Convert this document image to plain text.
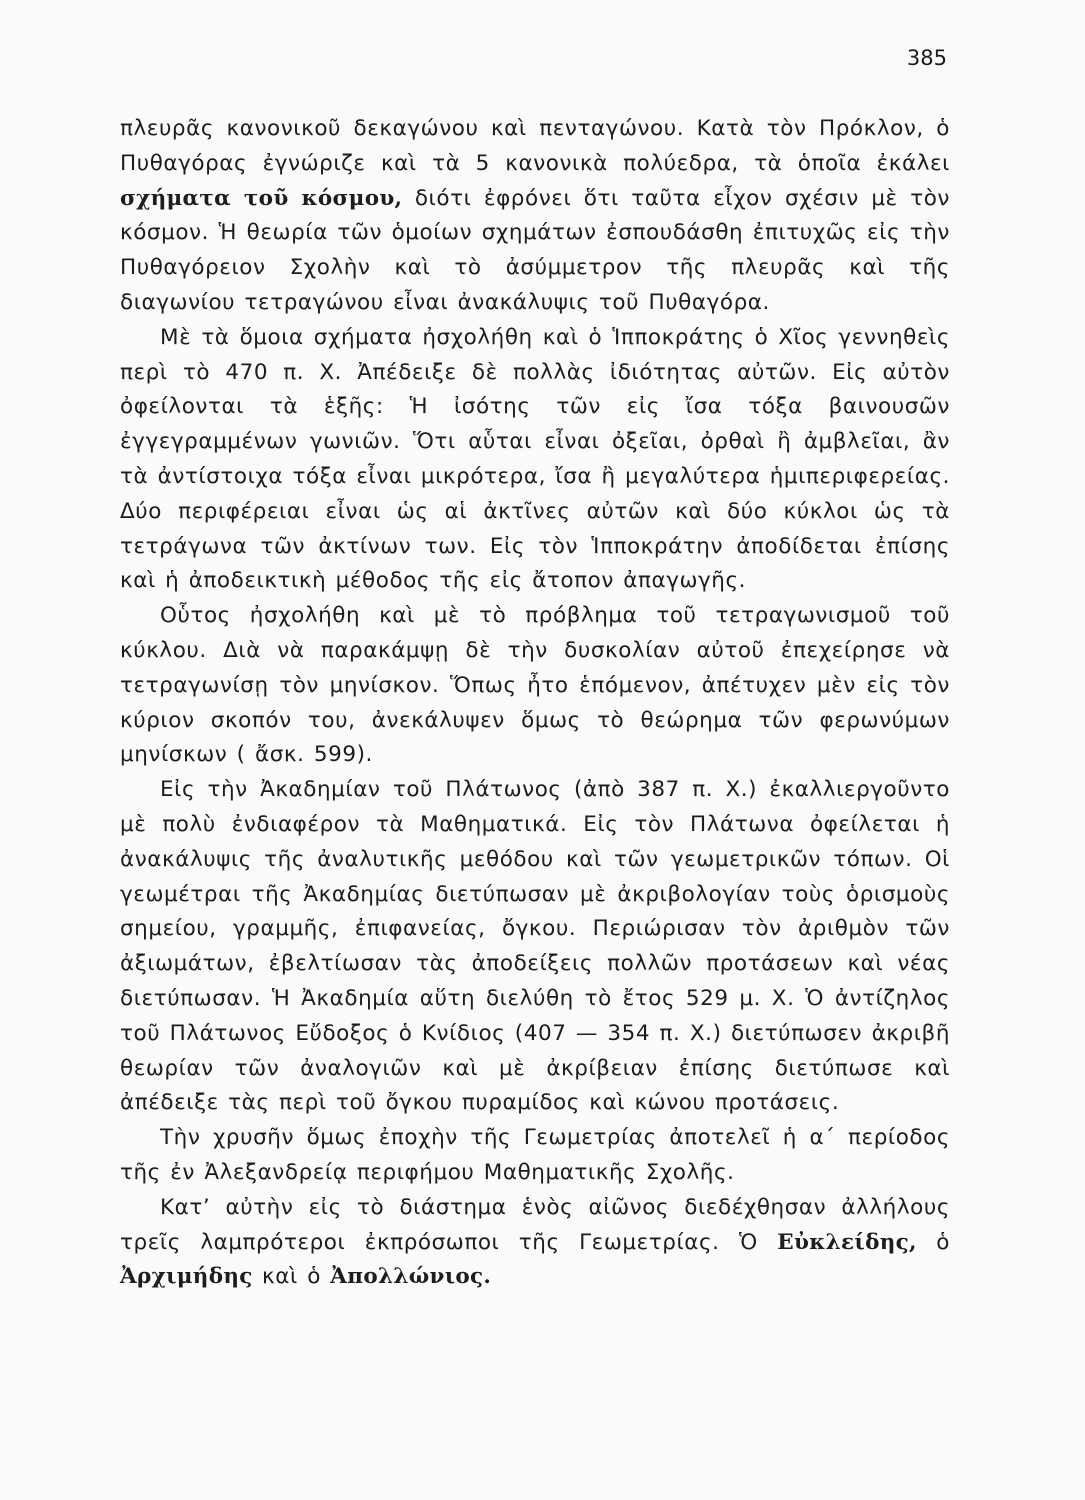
385

πλευρᾶς κανονικοῦ δεκαγώνου καὶ πενταγώνου. Κατὰ τὸν Πρόκλον, ὁ Πυθαγόρας ἐγνώριζε καὶ τὰ 5 κανονικὰ πολύεδρα, τὰ ὁποῖα ἐκάλει σχήματα τοῦ κόσμου, διότι ἐφρόνει ὅτι ταῦτα εἶχον σχέσιν μὲ τὸν κόσμον. Ἡ θεωρία τῶν ὁμοίων σχημάτων ἐσπουδάσθη ἐπιτυχῶς εἰς τὴν Πυθαγόρειον Σχολὴν καὶ τὸ ἀσύμμετρον τῆς πλευρᾶς καὶ τῆς διαγωνίου τετραγώνου εἶναι ἀνακάλυψις τοῦ Πυθαγόρα.

Μὲ τὰ ὅμοια σχήματα ἠσχολήθη καὶ ὁ Ἱπποκράτης ὁ Χῖος γεννηθεὶς περὶ τὸ 470 π. Χ. Ἀπέδειξε δὲ πολλὰς ἰδιότητας αὐτῶν. Εἰς αὐτὸν ὀφείλονται τὰ ἑξῆς: Ἡ ἰσότης τῶν εἰς ἴσα τόξα βαινουσῶν ἐγγεγραμμένων γωνιῶν. Ὅτι αὗται εἶναι ὀξεῖαι, ὀρθαὶ ἢ ἀμβλεῖαι, ἂν τὰ ἀντίστοιχα τόξα εἶναι μικρότερα, ἴσα ἢ μεγαλύτερα ἡμιπεριφερείας. Δύο περιφέρειαι εἶναι ὡς αἱ ἀκτῖνες αὐτῶν καὶ δύο κύκλοι ὡς τὰ τετράγωνα τῶν ἀκτίνων των. Εἰς τὸν Ἱπποκράτην ἀποδίδεται ἐπίσης καὶ ἡ ἀποδεικτικὴ μέθοδος τῆς εἰς ἄτοπον ἀπαγωγῆς.

Οὗτος ἠσχολήθη καὶ μὲ τὸ πρόβλημα τοῦ τετραγωνισμοῦ τοῦ κύκλου. Διὰ νὰ παρακάμψῃ δὲ τὴν δυσκολίαν αὐτοῦ ἐπεχείρησε νὰ τετραγωνίσῃ τὸν μηνίσκον. Ὅπως ἦτο ἑπόμενον, ἀπέτυχεν μὲν εἰς τὸν κύριον σκοπόν του, ἀνεκάλυψεν ὅμως τὸ θεώρημα τῶν φερωνύμων μηνίσκων ( ἄσκ. 599).

Εἰς τὴν Ἀκαδημίαν τοῦ Πλάτωνος (ἀπὸ 387 π. Χ.) ἐκαλλιεργοῦντο μὲ πολὺ ἐνδιαφέρον τὰ Μαθηματικά. Εἰς τὸν Πλάτωνα ὀφείλεται ἡ ἀνακάλυψις τῆς ἀναλυτικῆς μεθόδου καὶ τῶν γεωμετρικῶν τόπων. Οἱ γεωμέτραι τῆς Ἀκαδημίας διετύπωσαν μὲ ἀκριβολογίαν τοὺς ὁρισμοὺς σημείου, γραμμῆς, ἐπιφανείας, ὄγκου. Περιώρισαν τὸν ἀριθμὸν τῶν ἀξιωμάτων, ἐβελτίωσαν τὰς ἀποδείξεις πολλῶν προτάσεων καὶ νέας διετύπωσαν. Ἡ Ἀκαδημία αὕτη διελύθη τὸ ἔτος 529 μ. Χ. Ὁ ἀντίζηλος τοῦ Πλάτωνος Εὔδοξος ὁ Κνίδιος (407 — 354 π. Χ.) διετύπωσεν ἀκριβῆ θεωρίαν τῶν ἀναλογιῶν καὶ μὲ ἀκρίβειαν ἐπίσης διετύπωσε καὶ ἀπέδειξε τὰς περὶ τοῦ ὄγκου πυραμίδος καὶ κώνου προτάσεις.

Τὴν χρυσῆν ὅμως ἐποχὴν τῆς Γεωμετρίας ἀποτελεῖ ἡ α΄ περίοδος τῆς ἐν Ἀλεξανδρείᾳ περιφήμου Μαθηματικῆς Σχολῆς.

Κατ’ αὐτὴν εἰς τὸ διάστημα ἑνὸς αἰῶνος διεδέχθησαν ἀλλήλους τρεῖς λαμπρότεροι ἐκπρόσωποι τῆς Γεωμετρίας. Ὁ Εὐκλείδης, ὁ Ἀρχιμήδης καὶ ὁ Ἀπολλώνιος.
